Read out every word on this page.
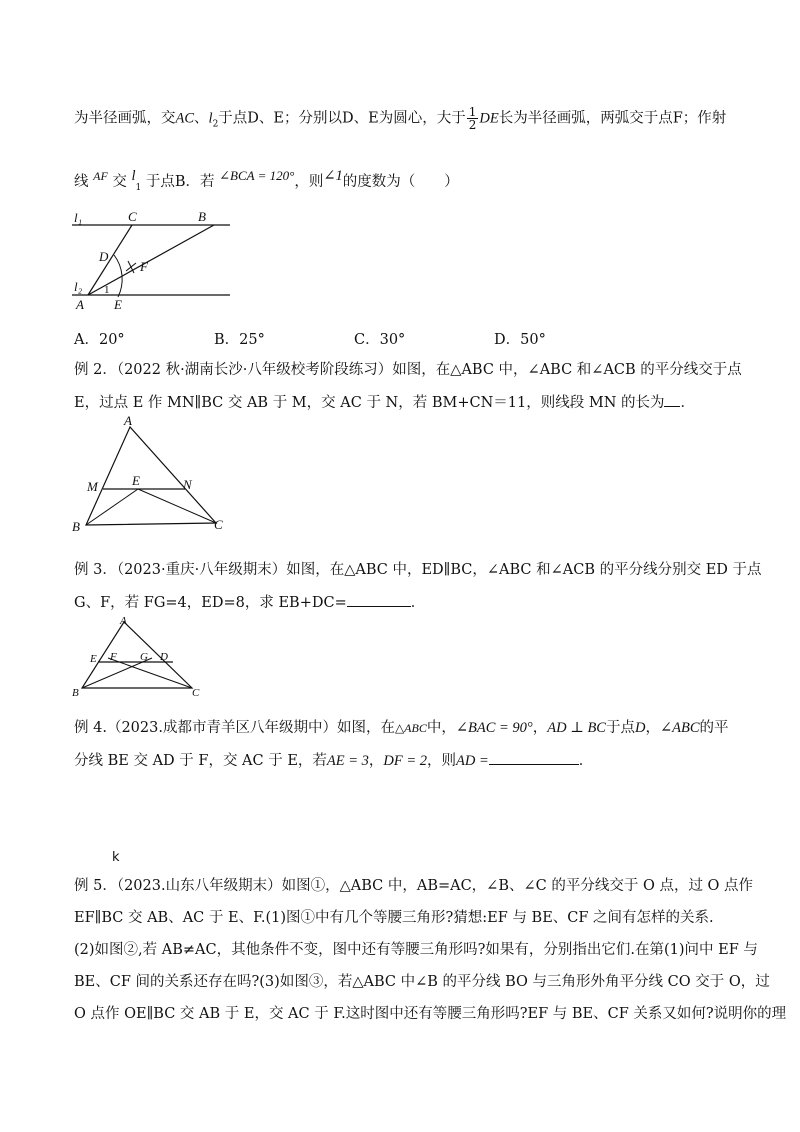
为半径画弧，交AC、$l_2$于点D、E；分别以D、E为圆心，大于 $\frac{1}{2}$ DE长为半径画弧，两弧交于点F；作射
线 $^{AF}$ 交 $l_1$ 于点B．若 ∠BCA = 120°，则∠1的度数为（　　）
l₁
l₂
C	B
D
F
A E
1
A．20°	B．25°	C．30°	D．50°
例 2．（2022 秋·湖南长沙·八年级校考阶段练习）如图，在△ABC 中，∠ABC 和∠ACB 的平分线交于点
E，过点 E 作 MN∥BC 交 AB 于 M，交 AC 于 N，若 BM+CN＝11，则线段 MN 的长为 ．
A
M	E	N
B	C
例 3．（2023·重庆·八年级期末）如图，在△ABC 中，ED∥BC，∠ABC 和∠ACB 的平分线分别交 ED 于点
G、F，若 FG=4，ED=8，求 EB+DC=	．
A
E F G D
B	C
例 4.（2023.成都市青羊区八年级期中）如图，在△ABC中，∠BAC = 90°，AD ⊥ BC于点D，∠ABC的平
分线 BE 交 AD 于 F，交 AC 于 E，若AE = 3，DF = 2，则AD =	．
k
例 5．（2023.山东八年级期末）如图①，△ABC 中，AB=AC，∠B、∠C 的平分线交于 O 点，过 O 点作
EF∥BC 交 AB、AC 于 E、F.(1)图①中有几个等腰三角形?猜想:EF 与 BE、CF 之间有怎样的关系.
(2)如图②,若 AB≠AC，其他条件不变，图中还有等腰三角形吗?如果有，分别指出它们.在第(1)问中 EF 与
BE、CF 间的关系还存在吗?(3)如图③，若△ABC 中∠B 的平分线 BO 与三角形外角平分线 CO 交于 O，过
O 点作 OE∥BC 交 AB 于 E，交 AC 于 F.这时图中还有等腰三角形吗?EF 与 BE、CF 关系又如何?说明你的理
